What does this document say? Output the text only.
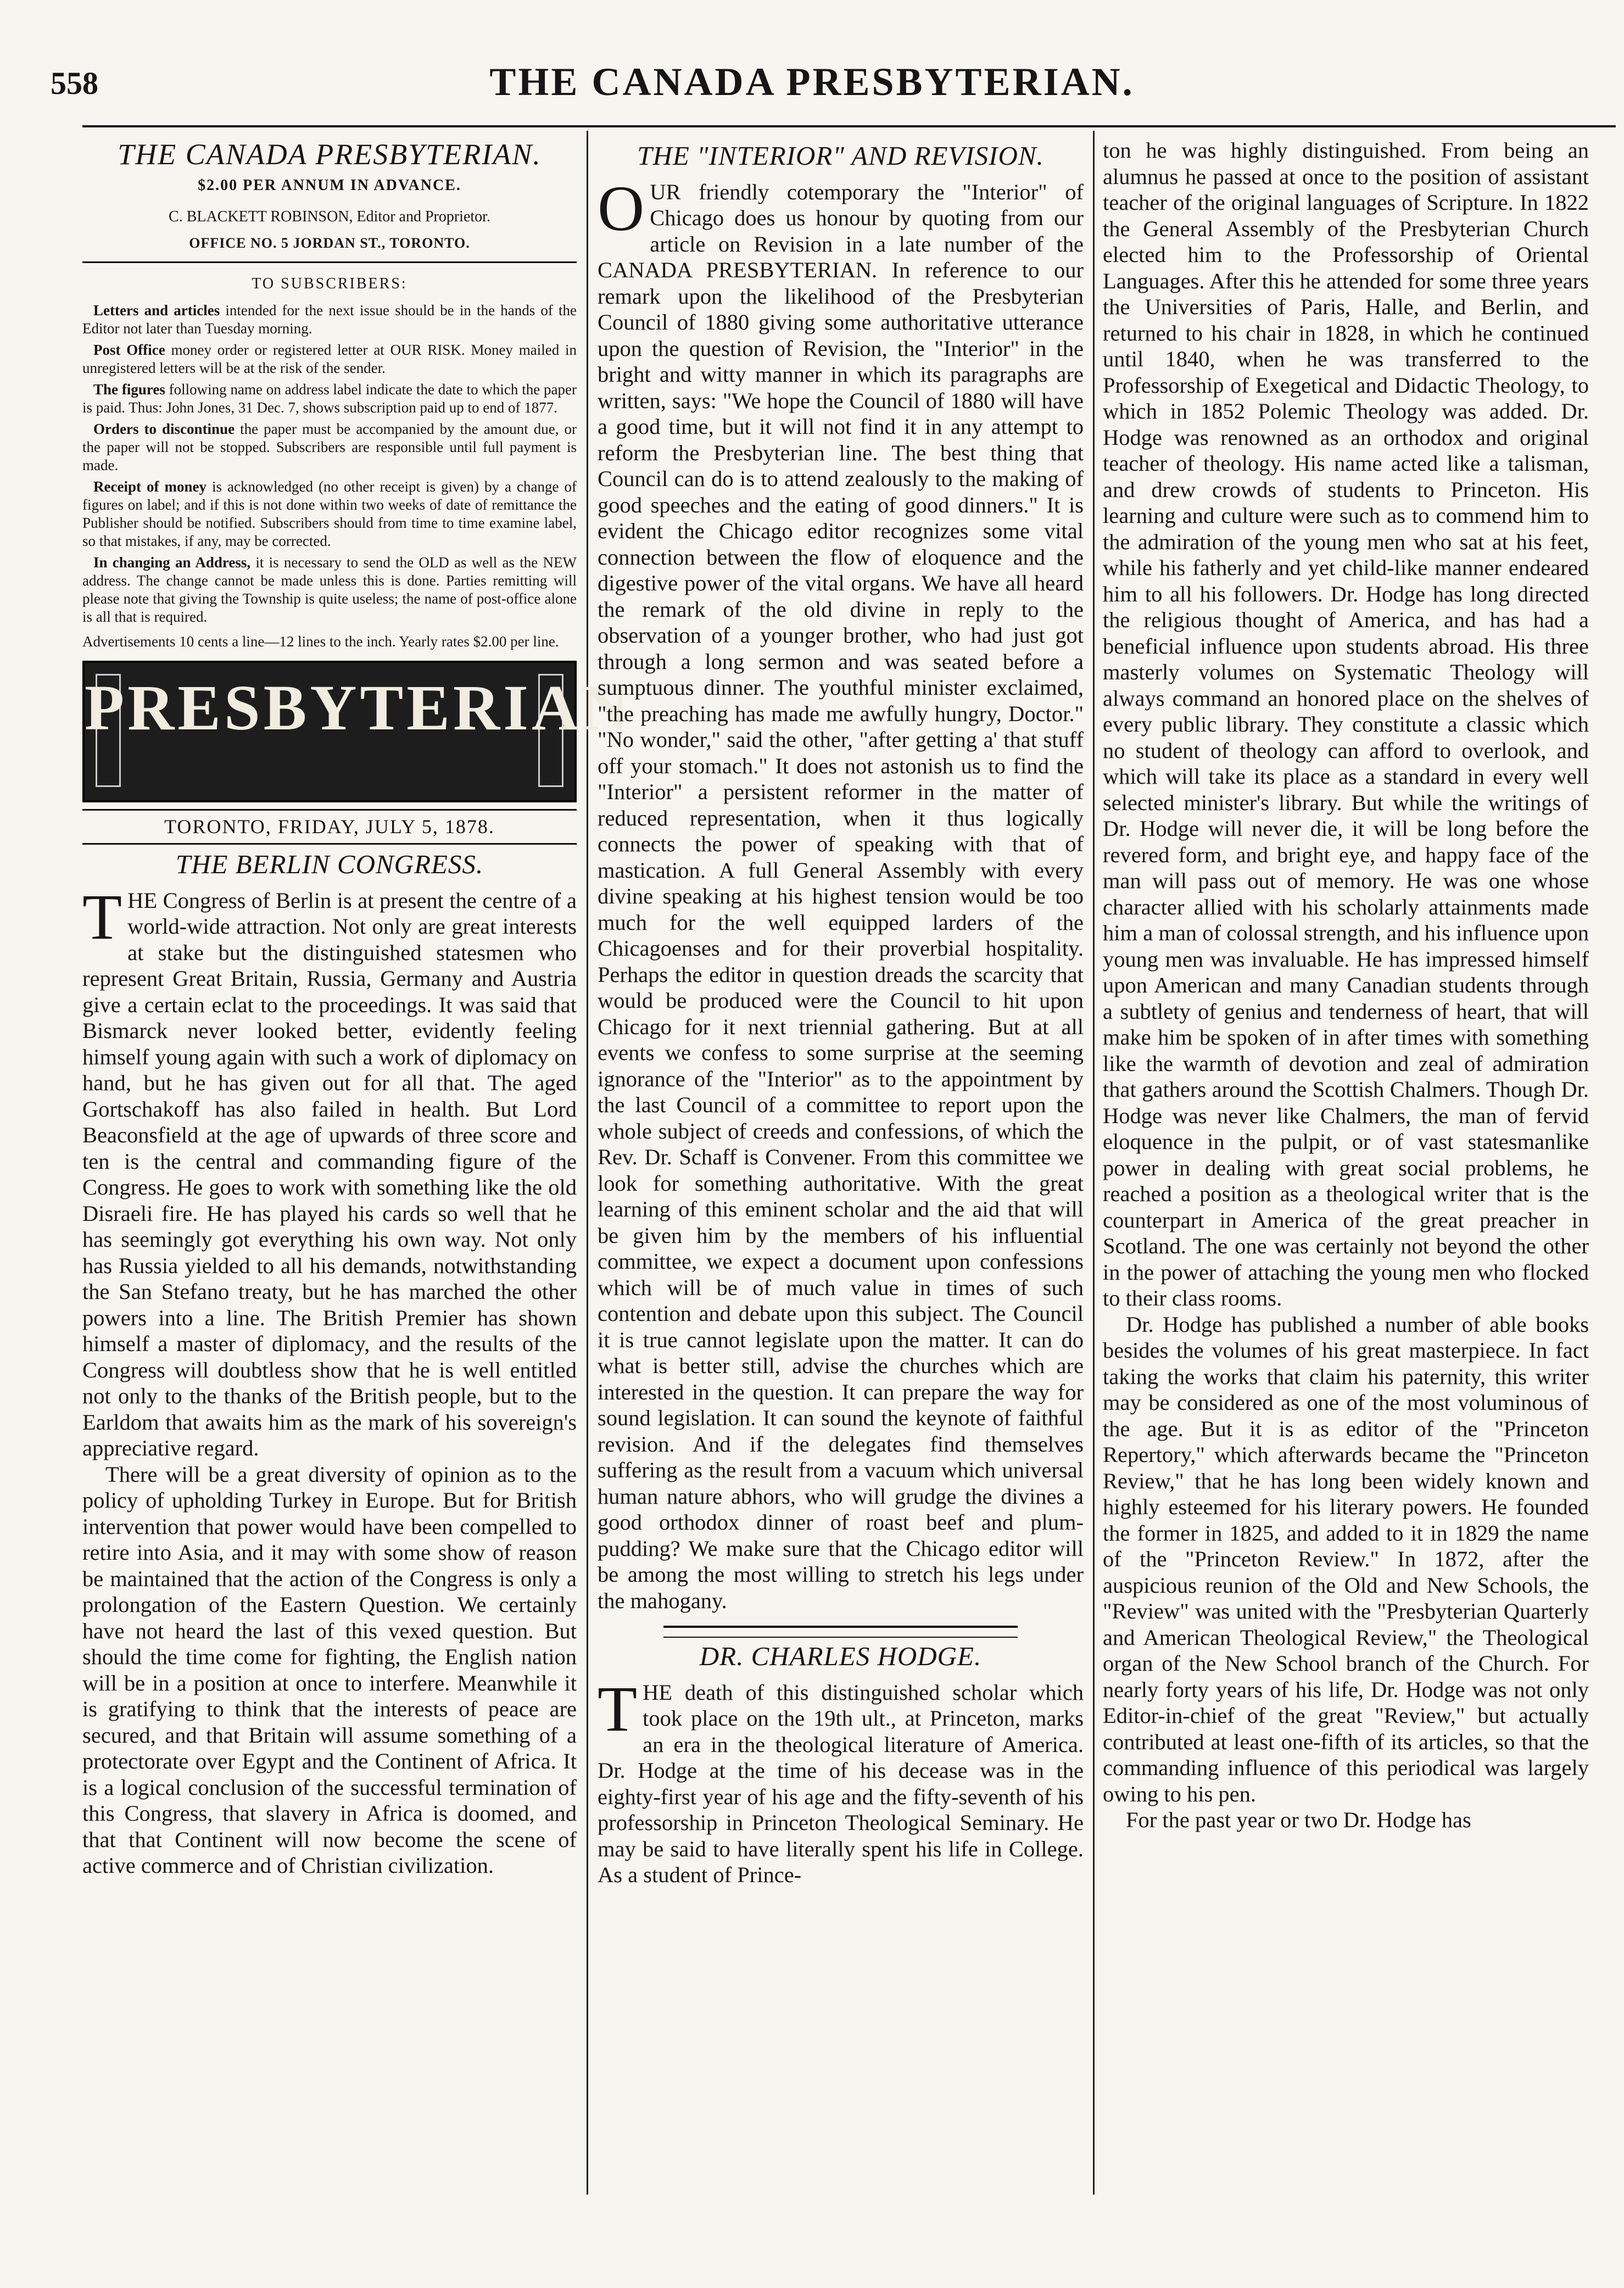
558	THE CANADA PRESBYTERIAN.
THE CANADA PRESBYTERIAN.
$2.00 PER ANNUM IN ADVANCE.
C. BLACKETT ROBINSON, Editor and Proprietor.
OFFICE NO. 5 JORDAN ST., TORONTO.
TO SUBSCRIBERS:

Letters and articles intended for the next issue should be in the hands of the Editor not later than Tuesday morning.

Post Office money order or registered letter at OUR RISK. Money mailed in unregistered letters will be at the risk of the sender.

The figures following name on address label indicate the date to which the paper is paid. Thus: John Jones, 31 Dec. 7, shows subscription paid up to end of 1877.

Orders to discontinue the paper must be accompanied by the amount due, or the paper will not be stopped. Subscribers are responsible until full payment is made.

Receipt of money is acknowledged (no other receipt is given) by a change of figures on label; and if this is not done within two weeks of date of remittance the Publisher should be notified. Subscribers should from time to time examine label, so that mistakes, if any, may be corrected.

In changing an Address, it is necessary to send the OLD as well as the NEW address. The change cannot be made unless this is done. Parties remitting will please note that giving the Township is quite useless; the name of post-office alone is all that is required.

Advertisements 10 cents a line—12 lines to the inch. Yearly rates $2.00 per line.
PRESBYTERIAN
TORONTO, FRIDAY, JULY 5, 1878.
THE BERLIN CONGRESS.

THE Congress of Berlin is at present the centre of a world-wide attraction. Not only are great interests at stake but the distinguished statesmen who represent Great Britain, Russia, Germany and Austria give a certain eclat to the proceedings. It was said that Bismarck never looked better, evidently feeling himself young again with such a work of diplomacy on hand, but he has given out for all that. The aged Gortschakoff has also failed in health. But Lord Beaconsfield at the age of upwards of three score and ten is the central and commanding figure of the Congress. He goes to work with something like the old Disraeli fire. He has played his cards so well that he has seemingly got everything his own way. Not only has Russia yielded to all his demands, notwithstanding the San Stefano treaty, but he has marched the other powers into a line. The British Premier has shown himself a master of diplomacy, and the results of the Congress will doubtless show that he is well entitled not only to the thanks of the British people, but to the Earldom that awaits him as the mark of his sovereign's appreciative regard.

There will be a great diversity of opinion as to the policy of upholding Turkey in Europe. But for British intervention that power would have been compelled to retire into Asia, and it may with some show of reason be maintained that the action of the Congress is only a prolongation of the Eastern Question. We certainly have not heard the last of this vexed question. But should the time come for fighting, the English nation will be in a position at once to interfere. Meanwhile it is gratifying to think that the interests of peace are secured, and that Britain will assume something of a protectorate over Egypt and the Continent of Africa. It is a logical conclusion of the successful termination of this Congress, that slavery in Africa is doomed, and that that Continent will now become the scene of active commerce and of Christian civilization.

THE "INTERIOR" AND REVISION.

OUR friendly cotemporary the "Interior" of Chicago does us honour by quoting from our article on Revision in a late number of the CANADA PRESBYTERIAN. In reference to our remark upon the likelihood of the Presbyterian Council of 1880 giving some authoritative utterance upon the question of Revision, the "Interior" in the bright and witty manner in which its paragraphs are written, says: "We hope the Council of 1880 will have a good time, but it will not find it in any attempt to reform the Presbyterian line. The best thing that Council can do is to attend zealously to the making of good speeches and the eating of good dinners." It is evident the Chicago editor recognizes some vital connection between the flow of eloquence and the digestive power of the vital organs. We have all heard the remark of the old divine in reply to the observation of a younger brother, who had just got through a long sermon and was seated before a sumptuous dinner. The youthful minister exclaimed, "the preaching has made me awfully hungry, Doctor." "No wonder," said the other, "after getting a' that stuff off your stomach." It does not astonish us to find the "Interior" a persistent reformer in the matter of reduced representation, when it thus logically connects the power of speaking with that of mastication. A full General Assembly with every divine speaking at his highest tension would be too much for the well equipped larders of the Chicagoenses and for their proverbial hospitality. Perhaps the editor in question dreads the scarcity that would be produced were the Council to hit upon Chicago for it next triennial gathering. But at all events we confess to some surprise at the seeming ignorance of the "Interior" as to the appointment by the last Council of a committee to report upon the whole subject of creeds and confessions, of which the Rev. Dr. Schaff is Convener. From this committee we look for something authoritative. With the great learning of this eminent scholar and the aid that will be given him by the members of his influential committee, we expect a document upon confessions which will be of much value in times of such contention and debate upon this subject. The Council it is true cannot legislate upon the matter. It can do what is better still, advise the churches which are interested in the question. It can prepare the way for sound legislation. It can sound the keynote of faithful revision. And if the delegates find themselves suffering as the result from a vacuum which universal human nature abhors, who will grudge the divines a good orthodox dinner of roast beef and plum-pudding? We make sure that the Chicago editor will be among the most willing to stretch his legs under the mahogany.

DR. CHARLES HODGE.

THE death of this distinguished scholar which took place on the 19th ult., at Princeton, marks an era in the theological literature of America. Dr. Hodge at the time of his decease was in the eighty-first year of his age and the fifty-seventh of his professorship in Princeton Theological Seminary. He may be said to have literally spent his life in College. As a student of Prince-

ton he was highly distinguished. From being an alumnus he passed at once to the position of assistant teacher of the original languages of Scripture. In 1822 the General Assembly of the Presbyterian Church elected him to the Professorship of Oriental Languages. After this he attended for some three years the Universities of Paris, Halle, and Berlin, and returned to his chair in 1828, in which he continued until 1840, when he was transferred to the Professorship of Exegetical and Didactic Theology, to which in 1852 Polemic Theology was added. Dr. Hodge was renowned as an orthodox and original teacher of theology. His name acted like a talisman, and drew crowds of students to Princeton. His learning and culture were such as to commend him to the admiration of the young men who sat at his feet, while his fatherly and yet child-like manner endeared him to all his followers. Dr. Hodge has long directed the religious thought of America, and has had a beneficial influence upon students abroad. His three masterly volumes on Systematic Theology will always command an honored place on the shelves of every public library. They constitute a classic which no student of theology can afford to overlook, and which will take its place as a standard in every well selected minister's library. But while the writings of Dr. Hodge will never die, it will be long before the revered form, and bright eye, and happy face of the man will pass out of memory. He was one whose character allied with his scholarly attainments made him a man of colossal strength, and his influence upon young men was invaluable. He has impressed himself upon American and many Canadian students through a subtlety of genius and tenderness of heart, that will make him be spoken of in after times with something like the warmth of devotion and zeal of admiration that gathers around the Scottish Chalmers. Though Dr. Hodge was never like Chalmers, the man of fervid eloquence in the pulpit, or of vast statesmanlike power in dealing with great social problems, he reached a position as a theological writer that is the counterpart in America of the great preacher in Scotland. The one was certainly not beyond the other in the power of attaching the young men who flocked to their class rooms.

Dr. Hodge has published a number of able books besides the volumes of his great masterpiece. In fact taking the works that claim his paternity, this writer may be considered as one of the most voluminous of the age. But it is as editor of the "Princeton Repertory," which afterwards became the "Princeton Review," that he has long been widely known and highly esteemed for his literary powers. He founded the former in 1825, and added to it in 1829 the name of the "Princeton Review." In 1872, after the auspicious reunion of the Old and New Schools, the "Review" was united with the "Presbyterian Quarterly and American Theological Review," the Theological organ of the New School branch of the Church. For nearly forty years of his life, Dr. Hodge was not only Editor-in-chief of the great "Review," but actually contributed at least one-fifth of its articles, so that the commanding influence of this periodical was largely owing to his pen.

For the past year or two Dr. Hodge has
